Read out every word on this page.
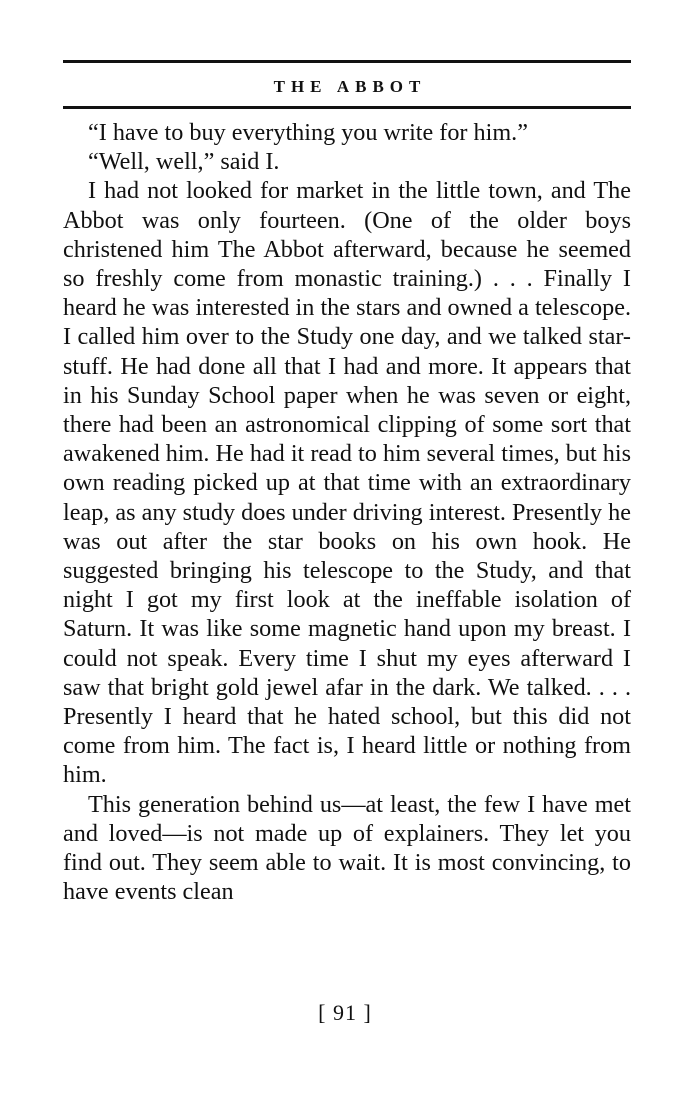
THE ABBOT

“I have to buy everything you write for him.”

“Well, well,” said I.

I had not looked for market in the little town, and The Abbot was only fourteen. (One of the older boys christened him The Abbot afterward, because he seemed so freshly come from monastic training.) . . . Finally I heard he was interested in the stars and owned a telescope. I called him over to the Study one day, and we talked star-stuff. He had done all that I had and more. It appears that in his Sunday School paper when he was seven or eight, there had been an astronomical clipping of some sort that awakened him. He had it read to him several times, but his own reading picked up at that time with an extraordinary leap, as any study does under driving interest. Presently he was out after the star books on his own hook. He suggested bringing his telescope to the Study, and that night I got my first look at the ineffable isolation of Saturn. It was like some magnetic hand upon my breast. I could not speak. Every time I shut my eyes afterward I saw that bright gold jewel afar in the dark. We talked. . . . Presently I heard that he hated school, but this did not come from him. The fact is, I heard little or nothing from him.

This generation behind us—at least, the few I have met and loved—is not made up of explainers. They let you find out. They seem able to wait. It is most convincing, to have events clean

[ 91 ]
